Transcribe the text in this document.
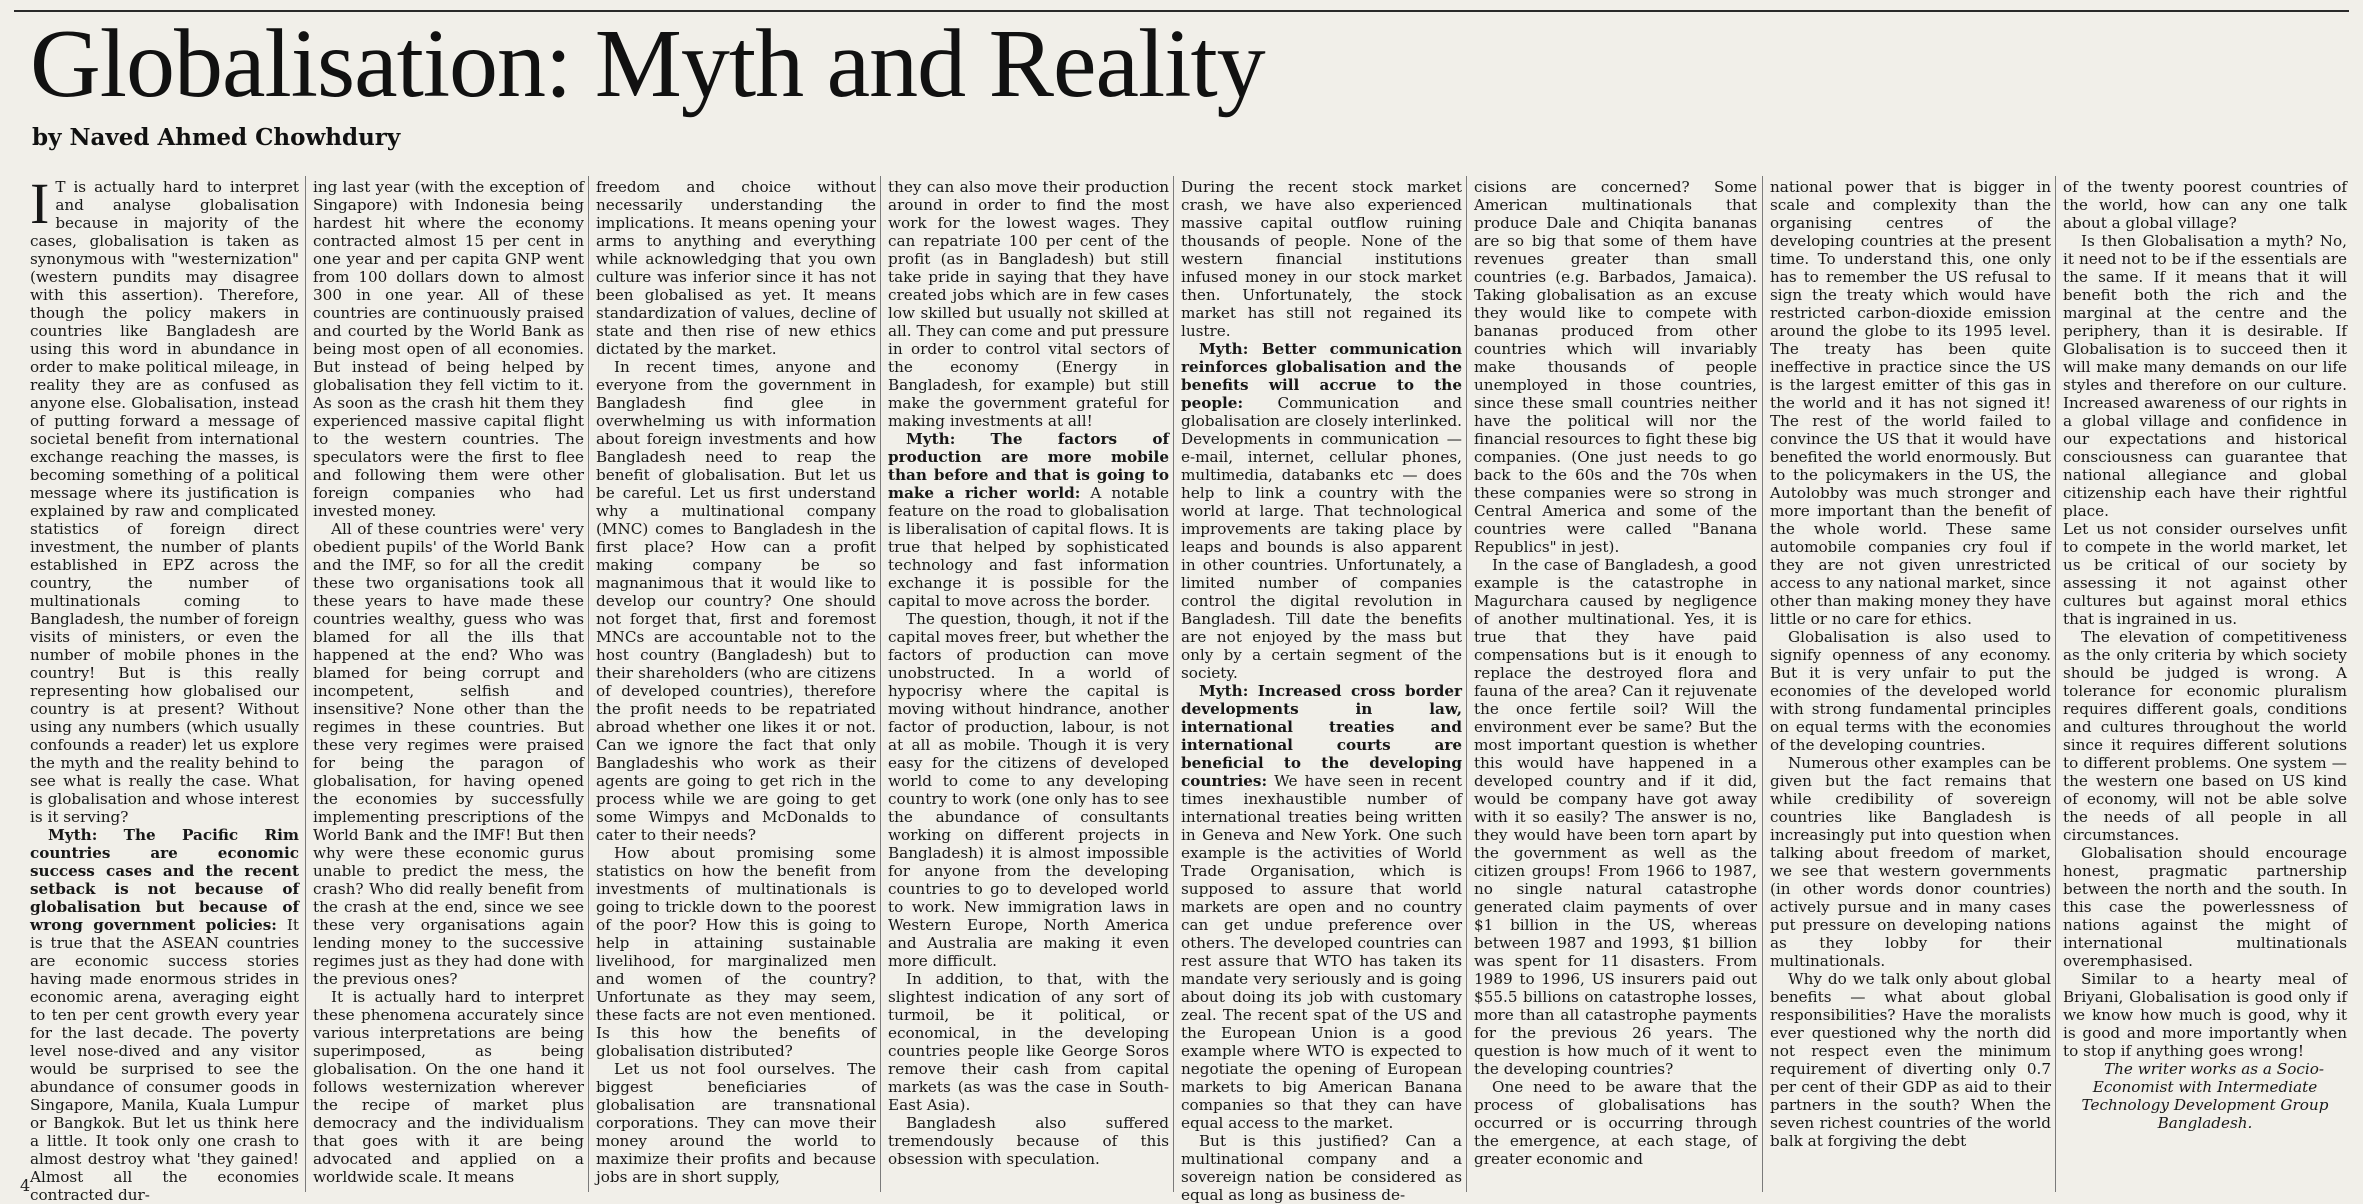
Globalisation: Myth and Reality
by Naved Ahmed Chowhdury

I T is actually hard to interpret and analyse globalisation because in majority of the cases, globalisation is taken as synonymous with "westernization" (western pundits may disagree with this assertion). Therefore, though the policy makers in countries like Bangladesh are using this word in abundance in order to make political mileage, in reality they are as confused as anyone else. Globalisation, instead of putting forward a message of societal benefit from international exchange reaching the masses, is becoming something of a political message where its justification is explained by raw and complicated statistics of foreign direct investment, the number of plants established in EPZ across the country, the number of multinationals coming to Bangladesh, the number of foreign visits of ministers, or even the number of mobile phones in the country! But is this really representing how globalised our country is at present? Without using any numbers (which usually confounds a reader) let us explore the myth and the reality behind to see what is really the case. What is globalisation and whose interest is it serving?

Myth: The Pacific Rim countries are economic success cases and the recent setback is not because of globalisation but because of wrong government policies: It is true that the ASEAN countries are economic success stories having made enormous strides in economic arena, averaging eight to ten per cent growth every year for the last decade. The poverty level nose-dived and any visitor would be surprised to see the abundance of consumer goods in Singapore, Manila, Kuala Lumpur or Bangkok. But let us think here a little. It took only one crash to almost destroy what 'they gained! Almost all the economies contracted dur-

ing last year (with the exception of Singapore) with Indonesia being hardest hit where the economy contracted almost 15 per cent in one year and per capita GNP went from 100 dollars down to almost 300 in one year. All of these countries are continuously praised and courted by the World Bank as being most open of all economies. But instead of being helped by globalisation they fell victim to it. As soon as the crash hit them they experienced massive capital flight to the western countries. The speculators were the first to flee and following them were other foreign companies who had invested money.

All of these countries were' very obedient pupils' of the World Bank and the IMF, so for all the credit these two organisations took all these years to have made these countries wealthy, guess who was blamed for all the ills that happened at the end? Who was blamed for being corrupt and incompetent, selfish and insensitive? None other than the regimes in these countries. But these very regimes were praised for being the paragon of globalisation, for having opened the economies by successfully implementing prescriptions of the World Bank and the IMF! But then why were these economic gurus unable to predict the mess, the crash? Who did really benefit from the crash at the end, since we see these very organisations again lending money to the successive regimes just as they had done with the previous ones?

It is actually hard to interpret these phenomena accurately since various interpretations are being superimposed, as being globalisation. On the one hand it follows westernization wherever the recipe of market plus democracy and the individualism that goes with it are being advocated and applied on a worldwide scale. It means

freedom and choice without necessarily understanding the implications. It means opening your arms to anything and everything while acknowledging that you own culture was inferior since it has not been globalised as yet. It means standardization of values, decline of state and then rise of new ethics dictated by the market.

In recent times, anyone and everyone from the government in Bangladesh find glee in overwhelming us with information about foreign investments and how Bangladesh need to reap the benefit of globalisation. But let us be careful. Let us first understand why a multinational company (MNC) comes to Bangladesh in the first place? How can a profit making company be so magnanimous that it would like to develop our country? One should not forget that, first and foremost MNCs are accountable not to the host country (Bangladesh) but to their shareholders (who are citizens of developed countries), therefore the profit needs to be repatriated abroad whether one likes it or not. Can we ignore the fact that only Bangladeshis who work as their agents are going to get rich in the process while we are going to get some Wimpys and McDonalds to cater to their needs?

How about promising some statistics on how the benefit from investments of multinationals is going to trickle down to the poorest of the poor? How this is going to help in attaining sustainable livelihood, for marginalized men and women of the country? Unfortunate as they may seem, these facts are not even mentioned. Is this how the benefits of globalisation distributed?

Let us not fool ourselves. The biggest beneficiaries of globalisation are transnational corporations. They can move their money around the world to maximize their profits and because jobs are in short supply,

they can also move their production around in order to find the most work for the lowest wages. They can repatriate 100 per cent of the profit (as in Bangladesh) but still take pride in saying that they have created jobs which are in few cases low skilled but usually not skilled at all. They can come and put pressure in order to control vital sectors of the economy (Energy in Bangladesh, for example) but still make the government grateful for making investments at all!

Myth: The factors of production are more mobile than before and that is going to make a richer world: A notable feature on the road to globalisation is liberalisation of capital flows. It is true that helped by sophisticated technology and fast information exchange it is possible for the capital to move across the border.

The question, though, it not if the capital moves freer, but whether the factors of production can move unobstructed. In a world of hypocrisy where the capital is moving without hindrance, another factor of production, labour, is not at all as mobile. Though it is very easy for the citizens of developed world to come to any developing country to work (one only has to see the abundance of consultants working on different projects in Bangladesh) it is almost impossible for anyone from the developing countries to go to developed world to work. New immigration laws in Western Europe, North America and Australia are making it even more difficult.

In addition, to that, with the slightest indication of any sort of turmoil, be it political, or economical, in the developing countries people like George Soros remove their cash from capital markets (as was the case in South-East Asia).

Bangladesh also suffered tremendously because of this obsession with speculation.

During the recent stock market crash, we have also experienced massive capital outflow ruining thousands of people. None of the western financial institutions infused money in our stock market then. Unfortunately, the stock market has still not regained its lustre.

Myth: Better communication reinforces globalisation and the benefits will accrue to the people: Communication and globalisation are closely interlinked. Developments in communication — e-mail, internet, cellular phones, multimedia, databanks etc — does help to link a country with the world at large. That technological improvements are taking place by leaps and bounds is also apparent in other countries. Unfortunately, a limited number of companies control the digital revolution in Bangladesh. Till date the benefits are not enjoyed by the mass but only by a certain segment of the society.

Myth: Increased cross border developments in law, international treaties and international courts are beneficial to the developing countries: We have seen in recent times inexhaustible number of international treaties being written in Geneva and New York. One such example is the activities of World Trade Organisation, which is supposed to assure that world markets are open and no country can get undue preference over others. The developed countries can rest assure that WTO has taken its mandate very seriously and is going about doing its job with customary zeal. The recent spat of the US and the European Union is a good example where WTO is expected to negotiate the opening of European markets to big American Banana companies so that they can have equal access to the market.

But is this justified? Can a multinational company and a sovereign nation be considered as equal as long as business de-

cisions are concerned? Some American multinationals that produce Dale and Chiqita bananas are so big that some of them have revenues greater than small countries (e.g. Barbados, Jamaica). Taking globalisation as an excuse they would like to compete with bananas produced from other countries which will invariably make thousands of people unemployed in those countries, since these small countries neither have the political will nor the financial resources to fight these big companies. (One just needs to go back to the 60s and the 70s when these companies were so strong in Central America and some of the countries were called "Banana Republics" in jest).

In the case of Bangladesh, a good example is the catastrophe in Magurchara caused by negligence of another multinational. Yes, it is true that they have paid compensations but is it enough to replace the destroyed flora and fauna of the area? Can it rejuvenate the once fertile soil? Will the environment ever be same? But the most important question is whether this would have happened in a developed country and if it did, would be company have got away with it so easily? The answer is no, they would have been torn apart by the government as well as the citizen groups! From 1966 to 1987, no single natural catastrophe generated claim payments of over $1 billion in the US, whereas between 1987 and 1993, $1 billion was spent for 11 disasters. From 1989 to 1996, US insurers paid out $55.5 billions on catastrophe losses, more than all catastrophe payments for the previous 26 years. The question is how much of it went to the developing countries?

One need to be aware that the process of globalisations has occurred or is occurring through the emergence, at each stage, of greater economic and

national power that is bigger in scale and complexity than the organising centres of the developing countries at the present time. To understand this, one only has to remember the US refusal to sign the treaty which would have restricted carbon-dioxide emission around the globe to its 1995 level. The treaty has been quite ineffective in practice since the US is the largest emitter of this gas in the world and it has not signed it! The rest of the world failed to convince the US that it would have benefited the world enormously. But to the policymakers in the US, the Autolobby was much stronger and more important than the benefit of the whole world. These same automobile companies cry foul if they are not given unrestricted access to any national market, since other than making money they have little or no care for ethics.

Globalisation is also used to signify openness of any economy. But it is very unfair to put the economies of the developed world with strong fundamental principles on equal terms with the economies of the developing countries.

Numerous other examples can be given but the fact remains that while credibility of sovereign countries like Bangladesh is increasingly put into question when talking about freedom of market, we see that western governments (in other words donor countries) actively pursue and in many cases put pressure on developing nations as they lobby for their multinationals.

Why do we talk only about global benefits — what about global responsibilities? Have the moralists ever questioned why the north did not respect even the minimum requirement of diverting only 0.7 per cent of their GDP as aid to their partners in the south? When the seven richest countries of the world balk at forgiving the debt

of the twenty poorest countries of the world, how can any one talk about a global village?

Is then Globalisation a myth? No, it need not to be if the essentials are the same. If it means that it will benefit both the rich and the marginal at the centre and the periphery, than it is desirable. If Globalisation is to succeed then it will make many demands on our life styles and therefore on our culture. Increased awareness of our rights in a global village and confidence in our expectations and historical consciousness can guarantee that national allegiance and global citizenship each have their rightful place.

Let us not consider ourselves unfit to compete in the world market, let us be critical of our society by assessing it not against other cultures but against moral ethics that is ingrained in us.

The elevation of competitiveness as the only criteria by which society should be judged is wrong. A tolerance for economic pluralism requires different goals, conditions and cultures throughout the world since it requires different solutions to different problems. One system — the western one based on US kind of economy, will not be able solve the needs of all people in all circumstances.

Globalisation should encourage honest, pragmatic partnership between the north and the south. In this case the powerlessness of nations against the might of international multinationals overemphasised.

Similar to a hearty meal of Briyani, Globalisation is good only if we know how much is good, why it is good and more importantly when to stop if anything goes wrong!

The writer works as a Socio-Economist with Intermediate Technology Development Group Bangladesh.

4
